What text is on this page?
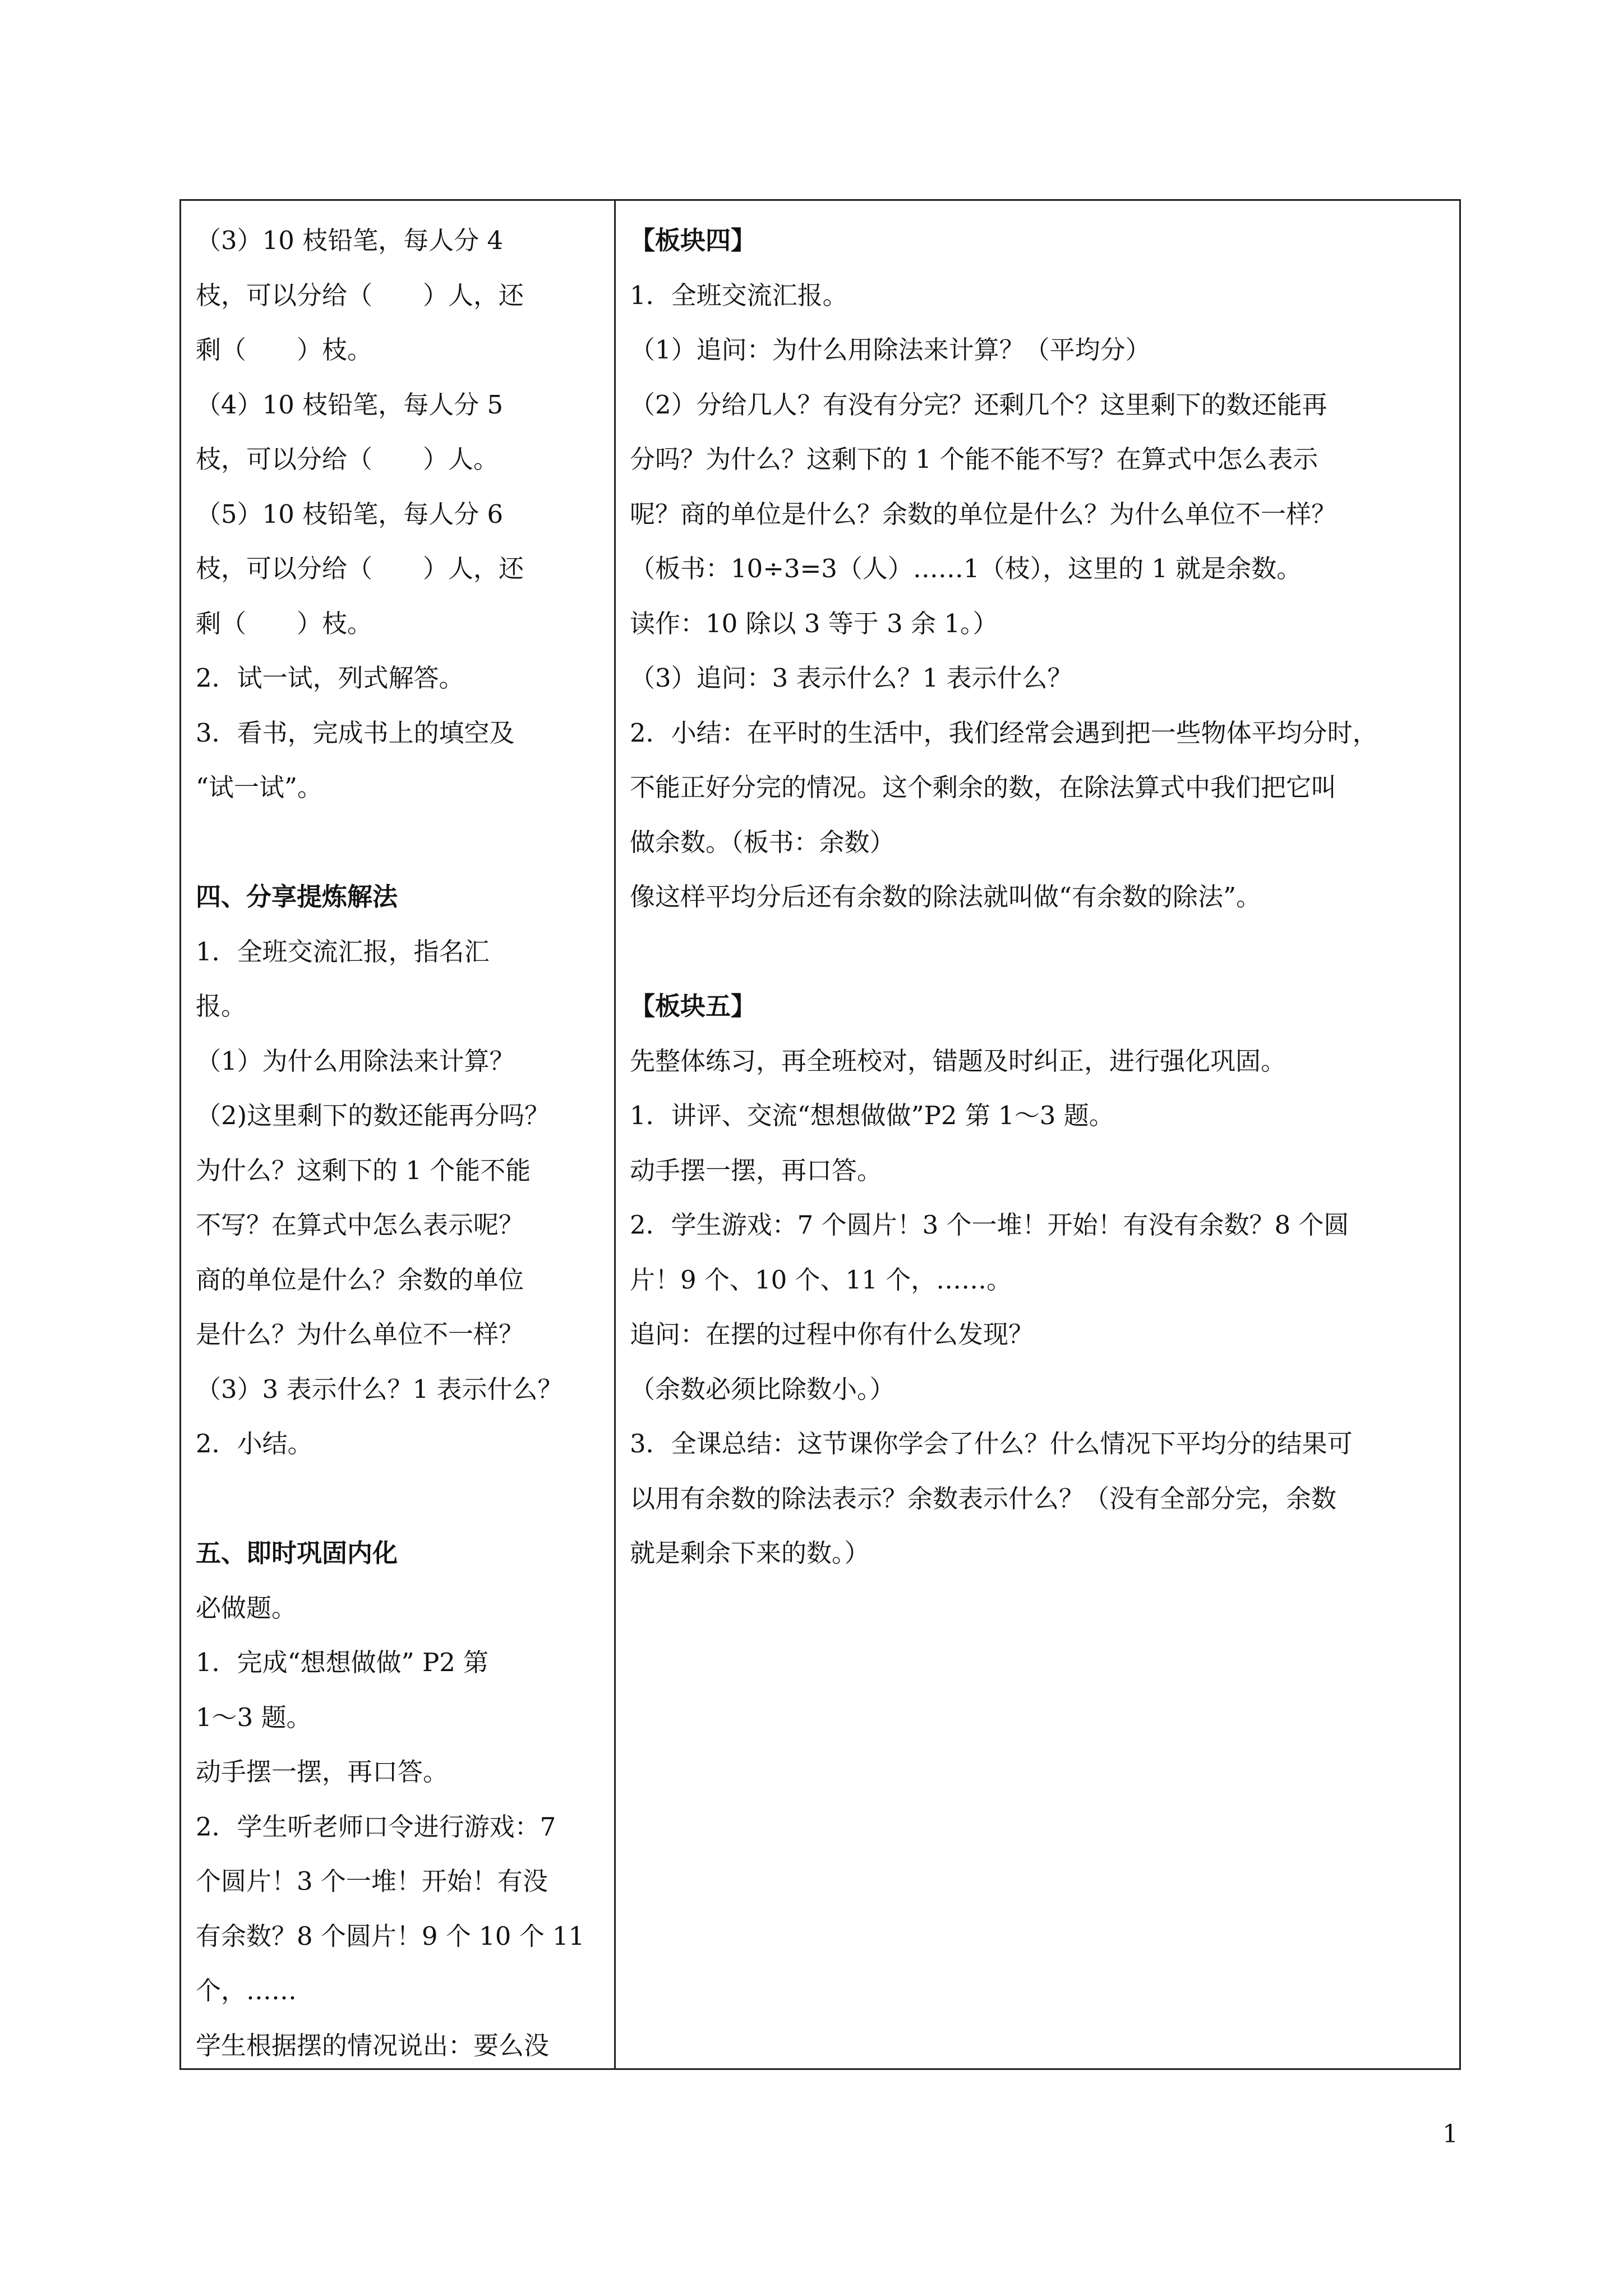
（3）10 枝铅笔，每人分 4
枝，可以分给（　　）人，还
剩（　　）枝。
（4）10 枝铅笔，每人分 5
枝，可以分给（　　）人。
（5）10 枝铅笔，每人分 6
枝，可以分给（　　）人，还
剩（　　）枝。
2．试一试，列式解答。
3．看书，完成书上的填空及
“试一试”。
四、分享提炼解法
1．全班交流汇报，指名汇
报。
（1）为什么用除法来计算？
（2)这里剩下的数还能再分吗？
为什么？这剩下的 1 个能不能
不写？在算式中怎么表示呢？
商的单位是什么？余数的单位
是什么？为什么单位不一样？
（3）3 表示什么？1 表示什么？
2．小结。
五、即时巩固内化
必做题。
1．完成“想想做做” P2 第
1～3 题。
动手摆一摆，再口答。
2．学生听老师口令进行游戏：7
个圆片！3 个一堆！开始！有没
有余数？8 个圆片！9 个 10 个 11
个，……
学生根据摆的情况说出：要么没
【板块四】
1．全班交流汇报。
（1）追问：为什么用除法来计算？（平均分）
（2）分给几人？有没有分完？还剩几个？这里剩下的数还能再
分吗？为什么？这剩下的 1 个能不能不写？在算式中怎么表示
呢？商的单位是什么？余数的单位是什么？为什么单位不一样？
（板书：10÷3=3（人）……1（枝），这里的 1 就是余数。
读作：10 除以 3 等于 3 余 1。）
（3）追问：3 表示什么？1 表示什么？
2．小结：在平时的生活中，我们经常会遇到把一些物体平均分时，
不能正好分完的情况。这个剩余的数，在除法算式中我们把它叫
做余数。（板书：余数）
像这样平均分后还有余数的除法就叫做“有余数的除法”。
【板块五】
先整体练习，再全班校对，错题及时纠正，进行强化巩固。
1．讲评、交流“想想做做”P2 第 1～3 题。
动手摆一摆，再口答。
2．学生游戏：7 个圆片！3 个一堆！开始！有没有余数？8 个圆
片！9 个、10 个、11 个，……。
追问：在摆的过程中你有什么发现？
（余数必须比除数小。）
3．全课总结：这节课你学会了什么？什么情况下平均分的结果可
以用有余数的除法表示？余数表示什么？（没有全部分完，余数
就是剩余下来的数。）
1
